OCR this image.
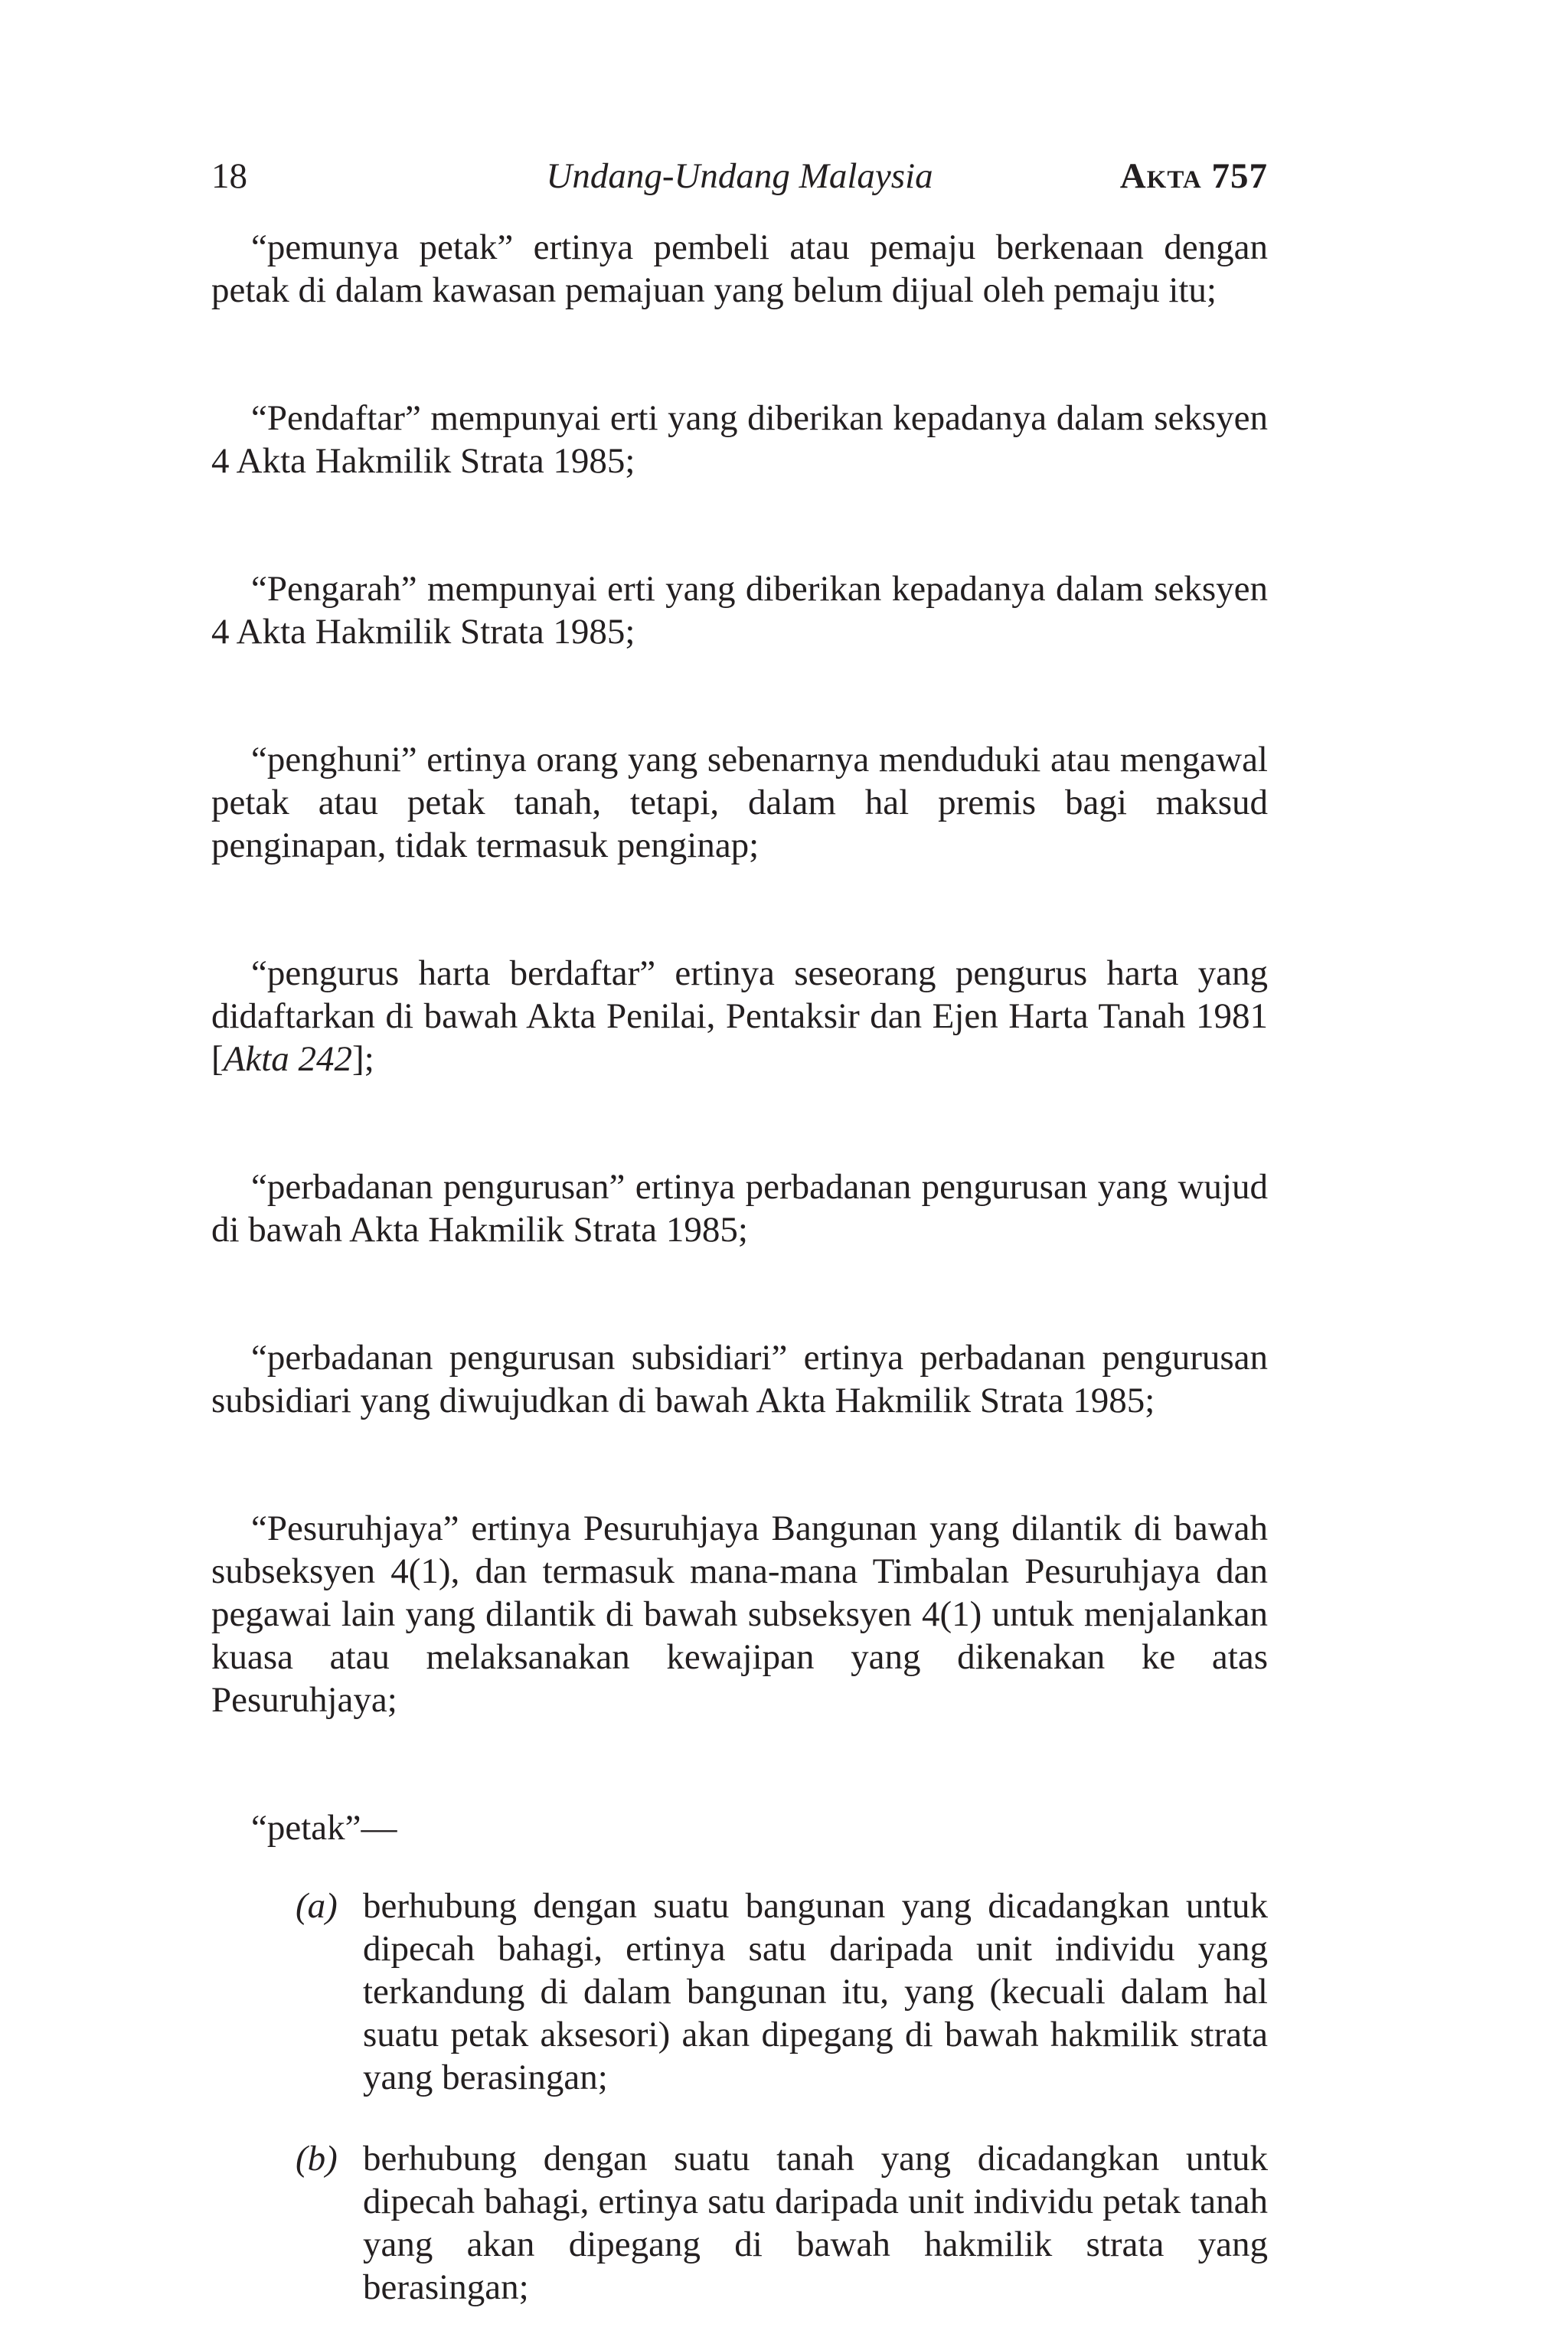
18	Undang-Undang Malaysia	Akta 757

“pemunya petak” ertinya pembeli atau pemaju berkenaan dengan petak di dalam kawasan pemajuan yang belum dijual oleh pemaju itu;

“Pendaftar” mempunyai erti yang diberikan kepadanya dalam seksyen 4 Akta Hakmilik Strata 1985;

“Pengarah” mempunyai erti yang diberikan kepadanya dalam seksyen 4 Akta Hakmilik Strata 1985;

“penghuni” ertinya orang yang sebenarnya menduduki atau mengawal petak atau petak tanah, tetapi, dalam hal premis bagi maksud penginapan, tidak termasuk penginap;

“pengurus harta berdaftar” ertinya seseorang pengurus harta yang didaftarkan di bawah Akta Penilai, Pentaksir dan Ejen Harta Tanah 1981 [Akta 242];

“perbadanan pengurusan” ertinya perbadanan pengurusan yang wujud di bawah Akta Hakmilik Strata 1985;

“perbadanan pengurusan subsidiari” ertinya perbadanan pengurusan subsidiari yang diwujudkan di bawah Akta Hakmilik Strata 1985;

“Pesuruhjaya” ertinya Pesuruhjaya Bangunan yang dilantik di bawah subseksyen 4(1), dan termasuk mana-mana Timbalan Pesuruhjaya dan pegawai lain yang dilantik di bawah subseksyen 4(1) untuk menjalankan kuasa atau melaksanakan kewajipan yang dikenakan ke atas Pesuruhjaya;

“petak”—

(a) berhubung dengan suatu bangunan yang dicadangkan untuk dipecah bahagi, ertinya satu daripada unit individu yang terkandung di dalam bangunan itu, yang (kecuali dalam hal suatu petak aksesori) akan dipegang di bawah hakmilik strata yang berasingan;
(b) berhubung dengan suatu tanah yang dicadangkan untuk dipecah bahagi, ertinya satu daripada unit individu petak tanah yang akan dipegang di bawah hakmilik strata yang berasingan;
